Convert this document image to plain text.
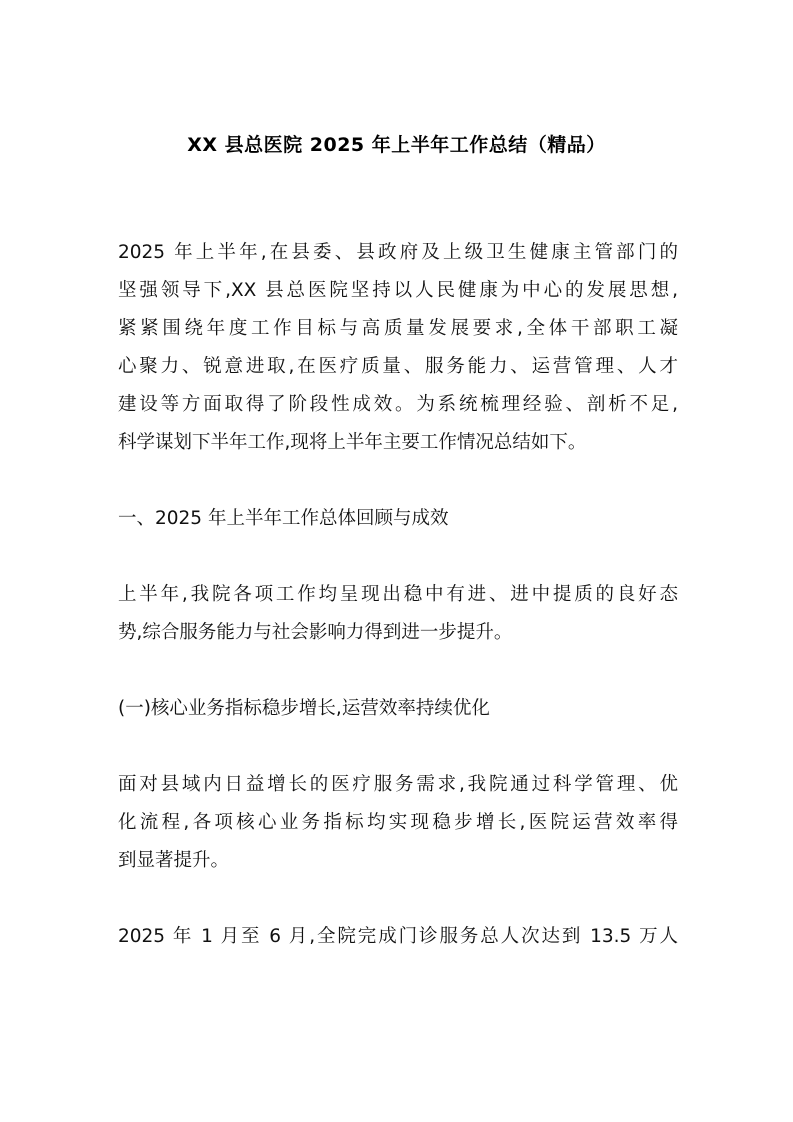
XX 县总医院 2025 年上半年工作总结（精品）
2025 年上半年,在县委、县政府及上级卫生健康主管部门的
坚强领导下,XX 县总医院坚持以人民健康为中心的发展思想,
紧紧围绕年度工作目标与高质量发展要求,全体干部职工凝
心聚力、锐意进取,在医疗质量、服务能力、运营管理、人才
建设等方面取得了阶段性成效。为系统梳理经验、剖析不足,
科学谋划下半年工作,现将上半年主要工作情况总结如下。
一、2025 年上半年工作总体回顾与成效
上半年,我院各项工作均呈现出稳中有进、进中提质的良好态
势,综合服务能力与社会影响力得到进一步提升。
(一)核心业务指标稳步增长,运营效率持续优化
面对县域内日益增长的医疗服务需求,我院通过科学管理、优
化流程,各项核心业务指标均实现稳步增长,医院运营效率得
到显著提升。
2025 年 1 月至 6 月,全院完成门诊服务总人次达到 13.5 万人
